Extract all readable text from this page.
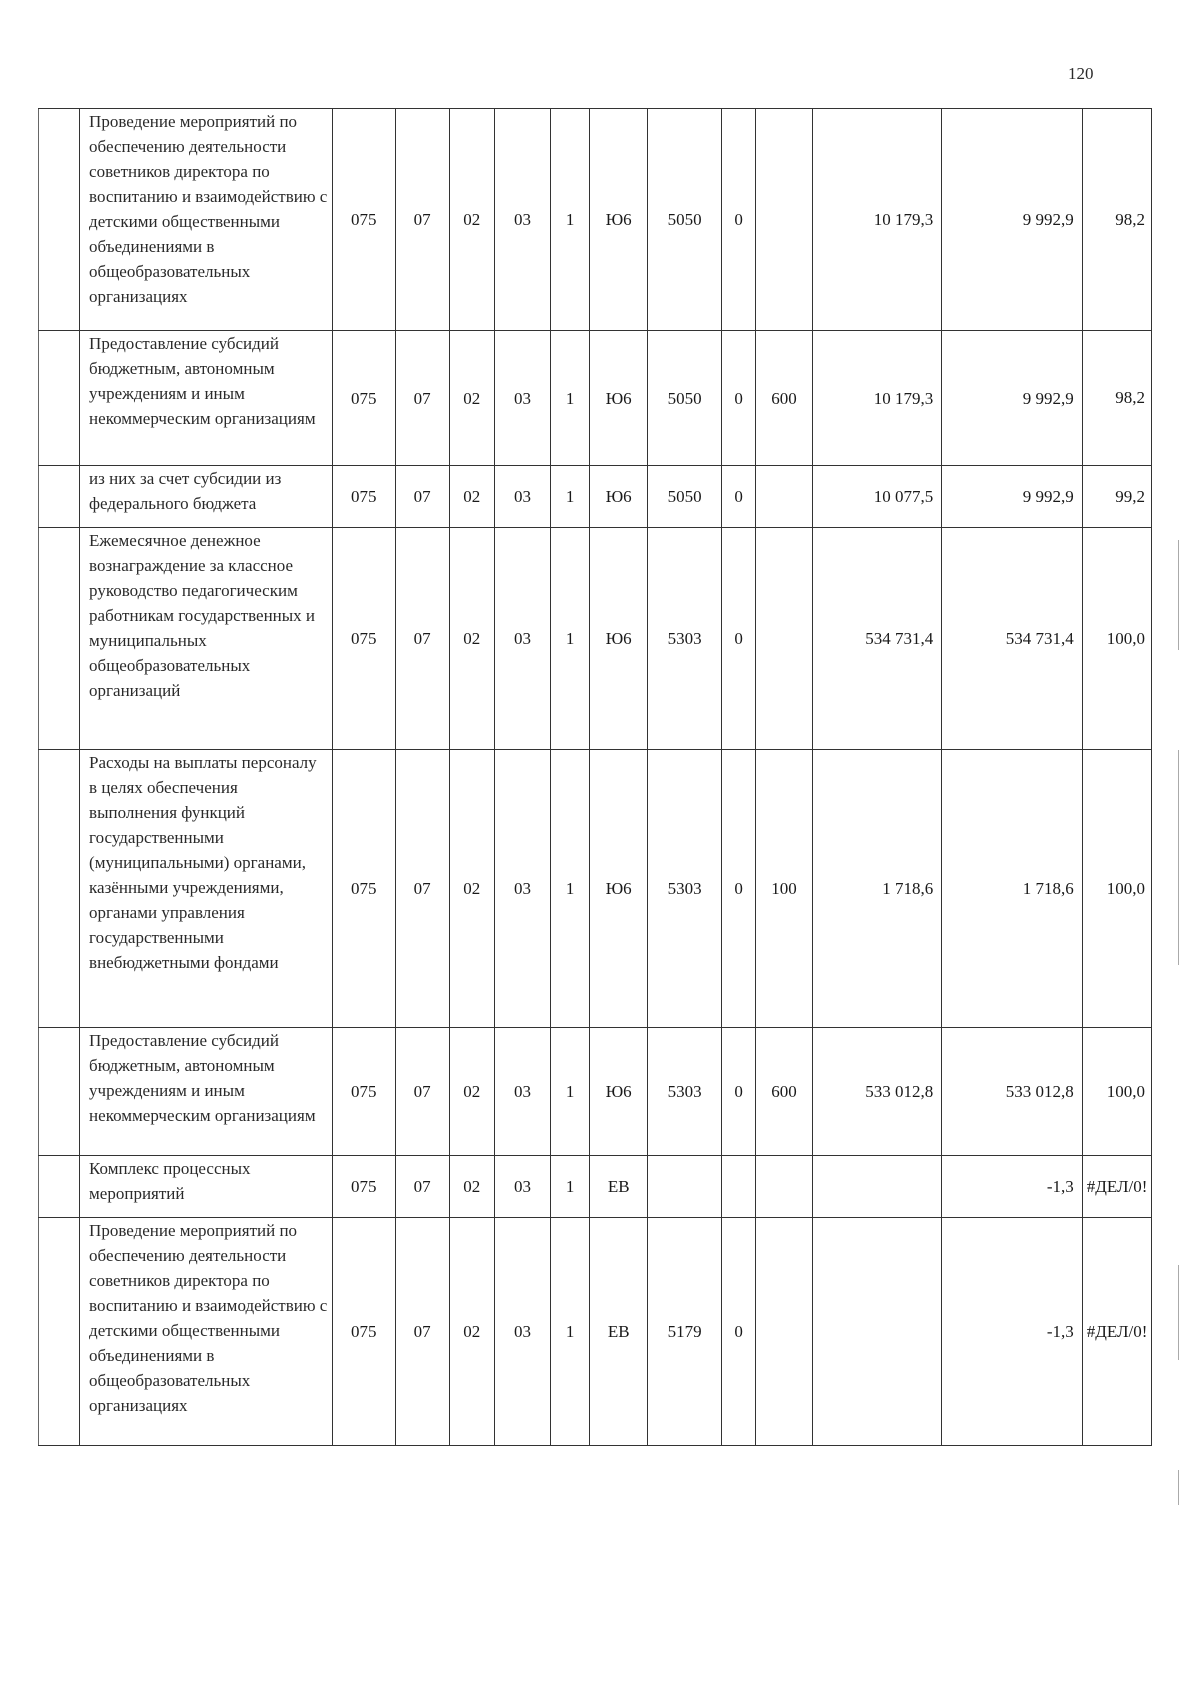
120
	Проведение мероприятий по обеспечению деятельности советников директора по воспитанию и взаимодействию с детскими общественными объединениями в общеобразовательных организациях	075	07	02	03	1	Ю6	5050	0		10 179,3	9 992,9	98,2
	Предоставление субсидий бюджетным, автономным учреждениям и иным некоммерческим организациям	075	07	02	03	1	Ю6	5050	0	600	10 179,3	9 992,9	98,2
	из них за счет субсидии из федерального бюджета	075	07	02	03	1	Ю6	5050	0		10 077,5	9 992,9	99,2
	Ежемесячное денежное вознаграждение за классное руководство педагогическим работникам государственных и муниципальных общеобразовательных организаций	075	07	02	03	1	Ю6	5303	0		534 731,4	534 731,4	100,0
	Расходы на выплаты персоналу в целях обеспечения выполнения функций государственными (муниципальными) органами, казёнными учреждениями, органами управления государственными внебюджетными фондами	075	07	02	03	1	Ю6	5303	0	100	1 718,6	1 718,6	100,0
	Предоставление субсидий бюджетным, автономным учреждениям и иным некоммерческим организациям	075	07	02	03	1	Ю6	5303	0	600	533 012,8	533 012,8	100,0
	Комплекс процессных мероприятий	075	07	02	03	1	ЕВ					-1,3	#ДЕЛ/0!
	Проведение мероприятий по обеспечению деятельности советников директора по воспитанию и взаимодействию с детскими общественными объединениями в общеобразовательных организациях	075	07	02	03	1	ЕВ	5179	0			-1,3	#ДЕЛ/0!
